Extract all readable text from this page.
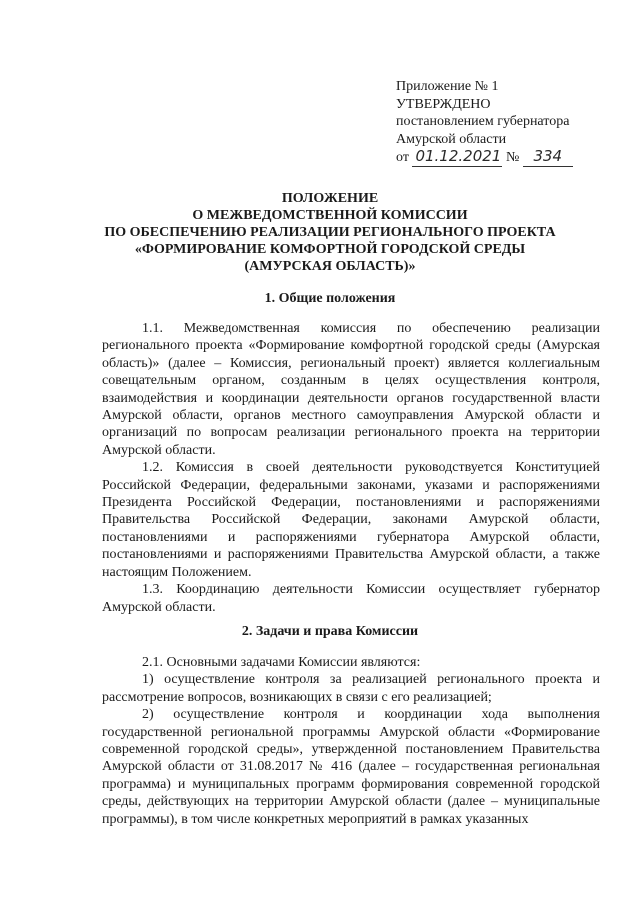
Приложение № 1
УТВЕРЖДЕНО
постановлением губернатора
Амурской области
от 01.12.2021 № 334
ПОЛОЖЕНИЕ
О МЕЖВЕДОМСТВЕННОЙ КОМИССИИ
ПО ОБЕСПЕЧЕНИЮ РЕАЛИЗАЦИИ РЕГИОНАЛЬНОГО ПРОЕКТА
«ФОРМИРОВАНИЕ КОМФОРТНОЙ ГОРОДСКОЙ СРЕДЫ
(АМУРСКАЯ ОБЛАСТЬ)»
1. Общие положения

1.1. Межведомственная комиссия по обеспечению реализации регионального проекта «Формирование комфортной городской среды (Амурская область)» (далее – Комиссия, региональный проект) является коллегиальным совещательным органом, созданным в целях осуществления контроля, взаимодействия и координации деятельности органов государственной власти Амурской области, органов местного самоуправления Амурской области и организаций по вопросам реализации регионального проекта на территории Амурской области.

1.2. Комиссия в своей деятельности руководствуется Конституцией Российской Федерации, федеральными законами, указами и распоряжениями Президента Российской Федерации, постановлениями и распоряжениями Правительства Российской Федерации, законами Амурской области, постановлениями и распоряжениями губернатора Амурской области, постановлениями и распоряжениями Правительства Амурской области, а также настоящим Положением.

1.3. Координацию деятельности Комиссии осуществляет губернатор Амурской области.

2. Задачи и права Комиссии

2.1. Основными задачами Комиссии являются:

1) осуществление контроля за реализацией регионального проекта и рассмотрение вопросов, возникающих в связи с его реализацией;

2) осуществление контроля и координации хода выполнения государственной региональной программы Амурской области «Формирование современной городской среды», утвержденной постановлением Правительства Амурской области от 31.08.2017 № 416 (далее – государственная региональная программа) и муниципальных программ формирования современной городской среды, действующих на территории Амурской области (далее – муниципальные программы), в том числе конкретных мероприятий в рамках указанных
